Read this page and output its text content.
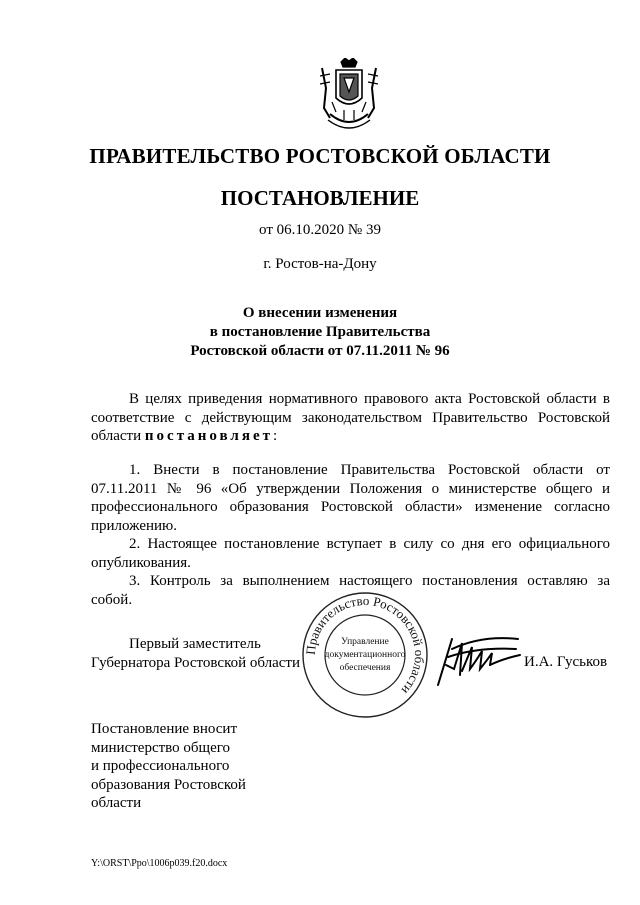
ПРАВИТЕЛЬСТВО РОСТОВСКОЙ ОБЛАСТИ
ПОСТАНОВЛЕНИЕ
от 06.10.2020 № 39
г. Ростов-на-Дону
О внесении изменения
в постановление Правительства
Ростовской области от 07.11.2011 № 96

В целях приведения нормативного правового акта Ростовской области в соответствие с действующим законодательством Правительство Ростовской области постановляет:

1. Внести в постановление Правительства Ростовской области от 07.11.2011 № 96 «Об утверждении Положения о министерстве общего и профессионального образования Ростовской области» изменение согласно приложению.

2. Настоящее постановление вступает в силу со дня его официального опубликования.

3. Контроль за выполнением настоящего постановления оставляю за собой.

Первый заместитель
Губернатора Ростовской области
Правительство Ростовской области
Управление
документационного
обеспечения	И.А. Гуськов
Постановление вносит
министерство общего
и профессионального
образования Ростовской
области
Y:\ORST\Ppo\1006p039.f20.docx
